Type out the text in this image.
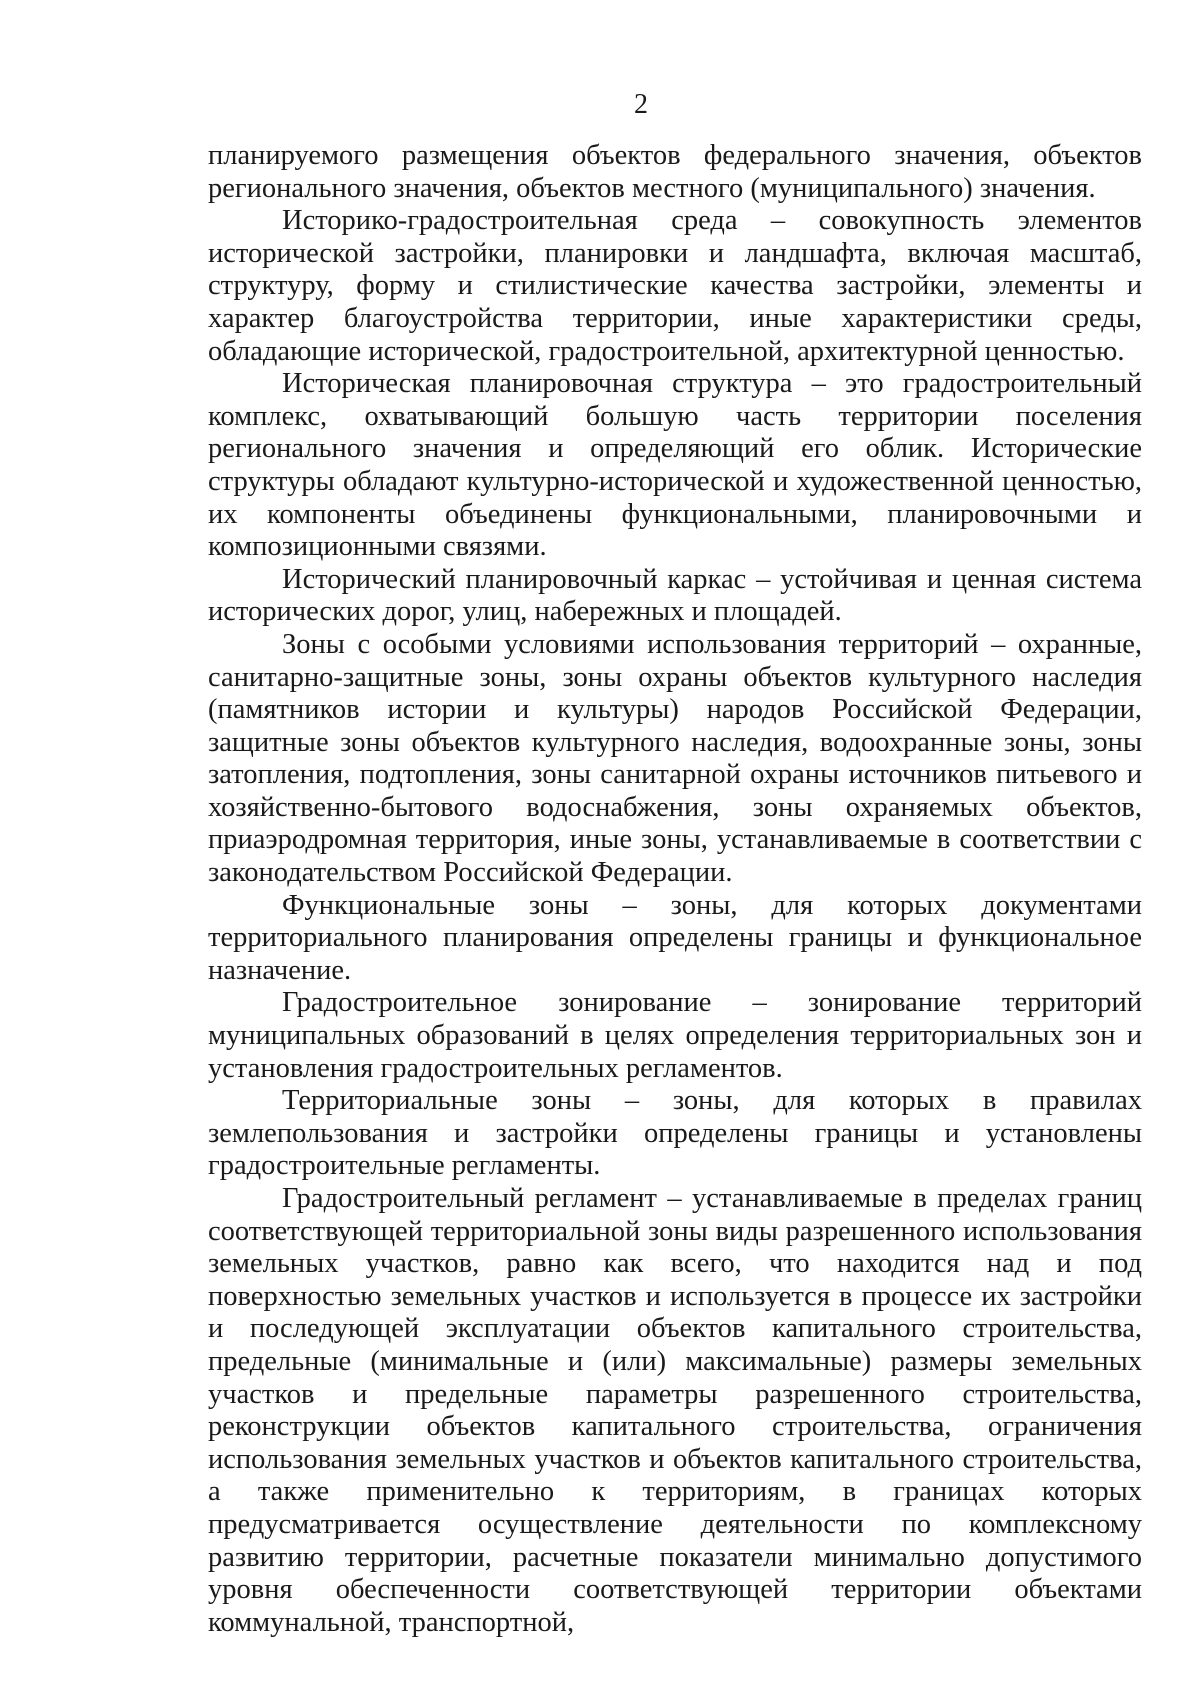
2

планируемого размещения объектов федерального значения, объектов регионального значения, объектов местного (муниципального) значения.

Историко-градостроительная среда – совокупность элементов исторической застройки, планировки и ландшафта, включая масштаб, структуру, форму и стилистические качества застройки, элементы и характер благоустройства территории, иные характеристики среды, обладающие исторической, градостроительной, архитектурной ценностью.

Историческая планировочная структура – это градостроительный комплекс, охватывающий большую часть территории поселения регионального значения и определяющий его облик. Исторические структуры обладают культурно-исторической и художественной ценностью, их компоненты объединены функциональными, планировочными и композиционными связями.

Исторический планировочный каркас – устойчивая и ценная система исторических дорог, улиц, набережных и площадей.

Зоны с особыми условиями использования территорий – охранные, санитарно-защитные зоны, зоны охраны объектов культурного наследия (памятников истории и культуры) народов Российской Федерации, защитные зоны объектов культурного наследия, водоохранные зоны, зоны затопления, подтопления, зоны санитарной охраны источников питьевого и хозяйственно-бытового водоснабжения, зоны охраняемых объектов, приаэродромная территория, иные зоны, устанавливаемые в соответствии с законодательством Российской Федерации.

Функциональные зоны – зоны, для которых документами территориального планирования определены границы и функциональное назначение.

Градостроительное зонирование – зонирование территорий муниципальных образований в целях определения территориальных зон и установления градостроительных регламентов.

Территориальные зоны – зоны, для которых в правилах землепользования и застройки определены границы и установлены градостроительные регламенты.

Градостроительный регламент – устанавливаемые в пределах границ соответствующей территориальной зоны виды разрешенного использования земельных участков, равно как всего, что находится над и под поверхностью земельных участков и используется в процессе их застройки и последующей эксплуатации объектов капитального строительства, предельные (минимальные и (или) максимальные) размеры земельных участков и предельные параметры разрешенного строительства, реконструкции объектов капитального строительства, ограничения использования земельных участков и объектов капитального строительства, а также применительно к территориям, в границах которых предусматривается осуществление деятельности по комплексному развитию территории, расчетные показатели минимально допустимого уровня обеспеченности соответствующей территории объектами коммунальной, транспортной,
